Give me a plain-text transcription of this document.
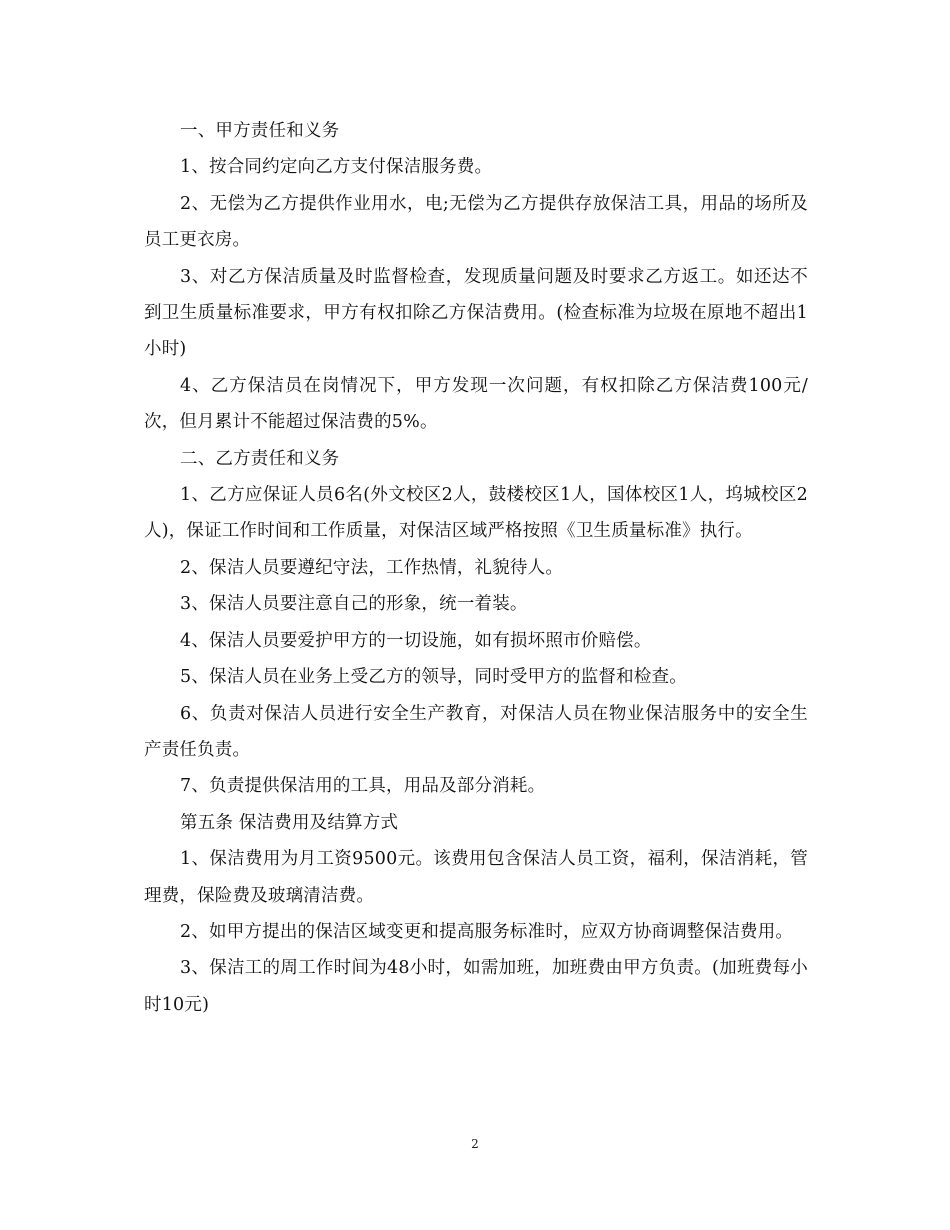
一、甲方责任和义务

1、按合同约定向乙方支付保洁服务费。

2、无偿为乙方提供作业用水，电;无偿为乙方提供存放保洁工具，用品的场所及员工更衣房。

3、对乙方保洁质量及时监督检查，发现质量问题及时要求乙方返工。如还达不到卫生质量标准要求，甲方有权扣除乙方保洁费用。(检查标准为垃圾在原地不超出1小时)

4、乙方保洁员在岗情况下，甲方发现一次问题，有权扣除乙方保洁费100元/次，但月累计不能超过保洁费的5%。

二、乙方责任和义务

1、乙方应保证人员6名(外文校区2人，鼓楼校区1人，国体校区1人，坞城校区2人)，保证工作时间和工作质量，对保洁区域严格按照《卫生质量标准》执行。

2、保洁人员要遵纪守法，工作热情，礼貌待人。

3、保洁人员要注意自己的形象，统一着装。

4、保洁人员要爱护甲方的一切设施，如有损坏照市价赔偿。

5、保洁人员在业务上受乙方的领导，同时受甲方的监督和检查。

6、负责对保洁人员进行安全生产教育，对保洁人员在物业保洁服务中的安全生产责任负责。

7、负责提供保洁用的工具，用品及部分消耗。

第五条 保洁费用及结算方式

1、保洁费用为月工资9500元。该费用包含保洁人员工资，福利，保洁消耗，管理费，保险费及玻璃清洁费。

2、如甲方提出的保洁区域变更和提高服务标准时，应双方协商调整保洁费用。

3、保洁工的周工作时间为48小时，如需加班，加班费由甲方负责。(加班费每小时10元)

2
